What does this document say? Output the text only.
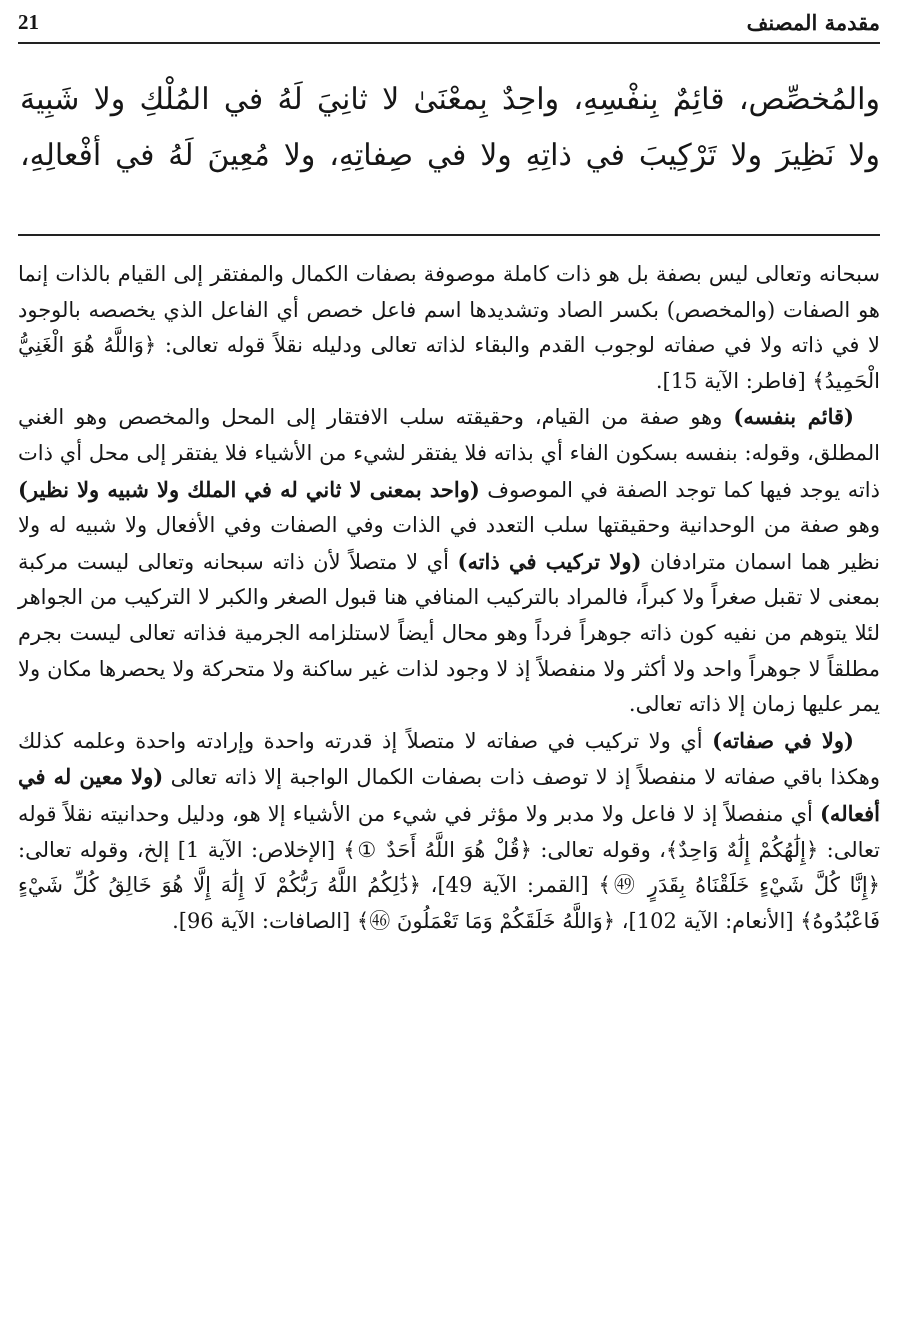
مقدمة المصنف
21
والمُخصِّص، قائِمٌ بِنفْسِهِ، واحِدٌ بِمعْنَىٰ لا ثانِيَ لَهُ في المُلْكِ ولا شَبِيهَ
ولا نَظِيرَ ولا تَرْكِيبَ في ذاتِهِ ولا في صِفاتِهِ، ولا مُعِينَ لَهُ في أفْعالِهِ،

سبحانه وتعالى ليس بصفة بل هو ذات كاملة موصوفة بصفات الكمال والمفتقر إلى القيام بالذات إنما هو الصفات (والمخصص) بكسر الصاد وتشديدها اسم فاعل خصص أي الفاعل الذي يخصصه بالوجود لا في ذاته ولا في صفاته لوجوب القدم والبقاء لذاته تعالى ودليله نقلاً قوله تعالى: ﴿وَاللَّهُ هُوَ الْغَنِيُّ الْحَمِيدُ﴾ [فاطر: الآية 15].

(قائم بنفسه) وهو صفة من القيام، وحقيقته سلب الافتقار إلى المحل والمخصص وهو الغني المطلق، وقوله: بنفسه بسكون الفاء أي بذاته فلا يفتقر لشيء من الأشياء فلا يفتقر إلى محل أي ذات ذاته يوجد فيها كما توجد الصفة في الموصوف (واحد بمعنى لا ثاني له في الملك ولا شبيه ولا نظير) وهو صفة من الوحدانية وحقيقتها سلب التعدد في الذات وفي الصفات وفي الأفعال ولا شبيه له ولا نظير هما اسمان مترادفان (ولا تركيب في ذاته) أي لا متصلاً لأن ذاته سبحانه وتعالى ليست مركبة بمعنى لا تقبل صغراً ولا كبراً، فالمراد بالتركيب المنافي هنا قبول الصغر والكبر لا التركيب من الجواهر لئلا يتوهم من نفيه كون ذاته جوهراً فرداً وهو محال أيضاً لاستلزامه الجرمية فذاته تعالى ليست بجرم مطلقاً لا جوهراً واحد ولا أكثر ولا منفصلاً إذ لا وجود لذات غير ساكنة ولا متحركة ولا يحصرها مكان ولا يمر عليها زمان إلا ذاته تعالى.

(ولا في صفاته) أي ولا تركيب في صفاته لا متصلاً إذ قدرته واحدة وإرادته واحدة وعلمه كذلك وهكذا باقي صفاته لا منفصلاً إذ لا توصف ذات بصفات الكمال الواجبة إلا ذاته تعالى (ولا معين له في أفعاله) أي منفصلاً إذ لا فاعل ولا مدبر ولا مؤثر في شيء من الأشياء إلا هو، ودليل وحدانيته نقلاً قوله تعالى: ﴿إِلَٰهُكُمْ إِلَٰهٌ وَاحِدٌ﴾، وقوله تعالى: ﴿قُلْ هُوَ اللَّهُ أَحَدٌ ①﴾ [الإخلاص: الآية 1] إلخ، وقوله تعالى: ﴿إِنَّا كُلَّ شَيْءٍ خَلَقْنَاهُ بِقَدَرٍ ㊾﴾ [القمر: الآية 49]، ﴿ذَٰلِكُمُ اللَّهُ رَبُّكُمْ لَا إِلَٰهَ إِلَّا هُوَ خَالِقُ كُلِّ شَيْءٍ فَاعْبُدُوهُ﴾ [الأنعام: الآية 102]، ﴿وَاللَّهُ خَلَقَكُمْ وَمَا تَعْمَلُونَ ㊻﴾ [الصافات: الآية 96].
